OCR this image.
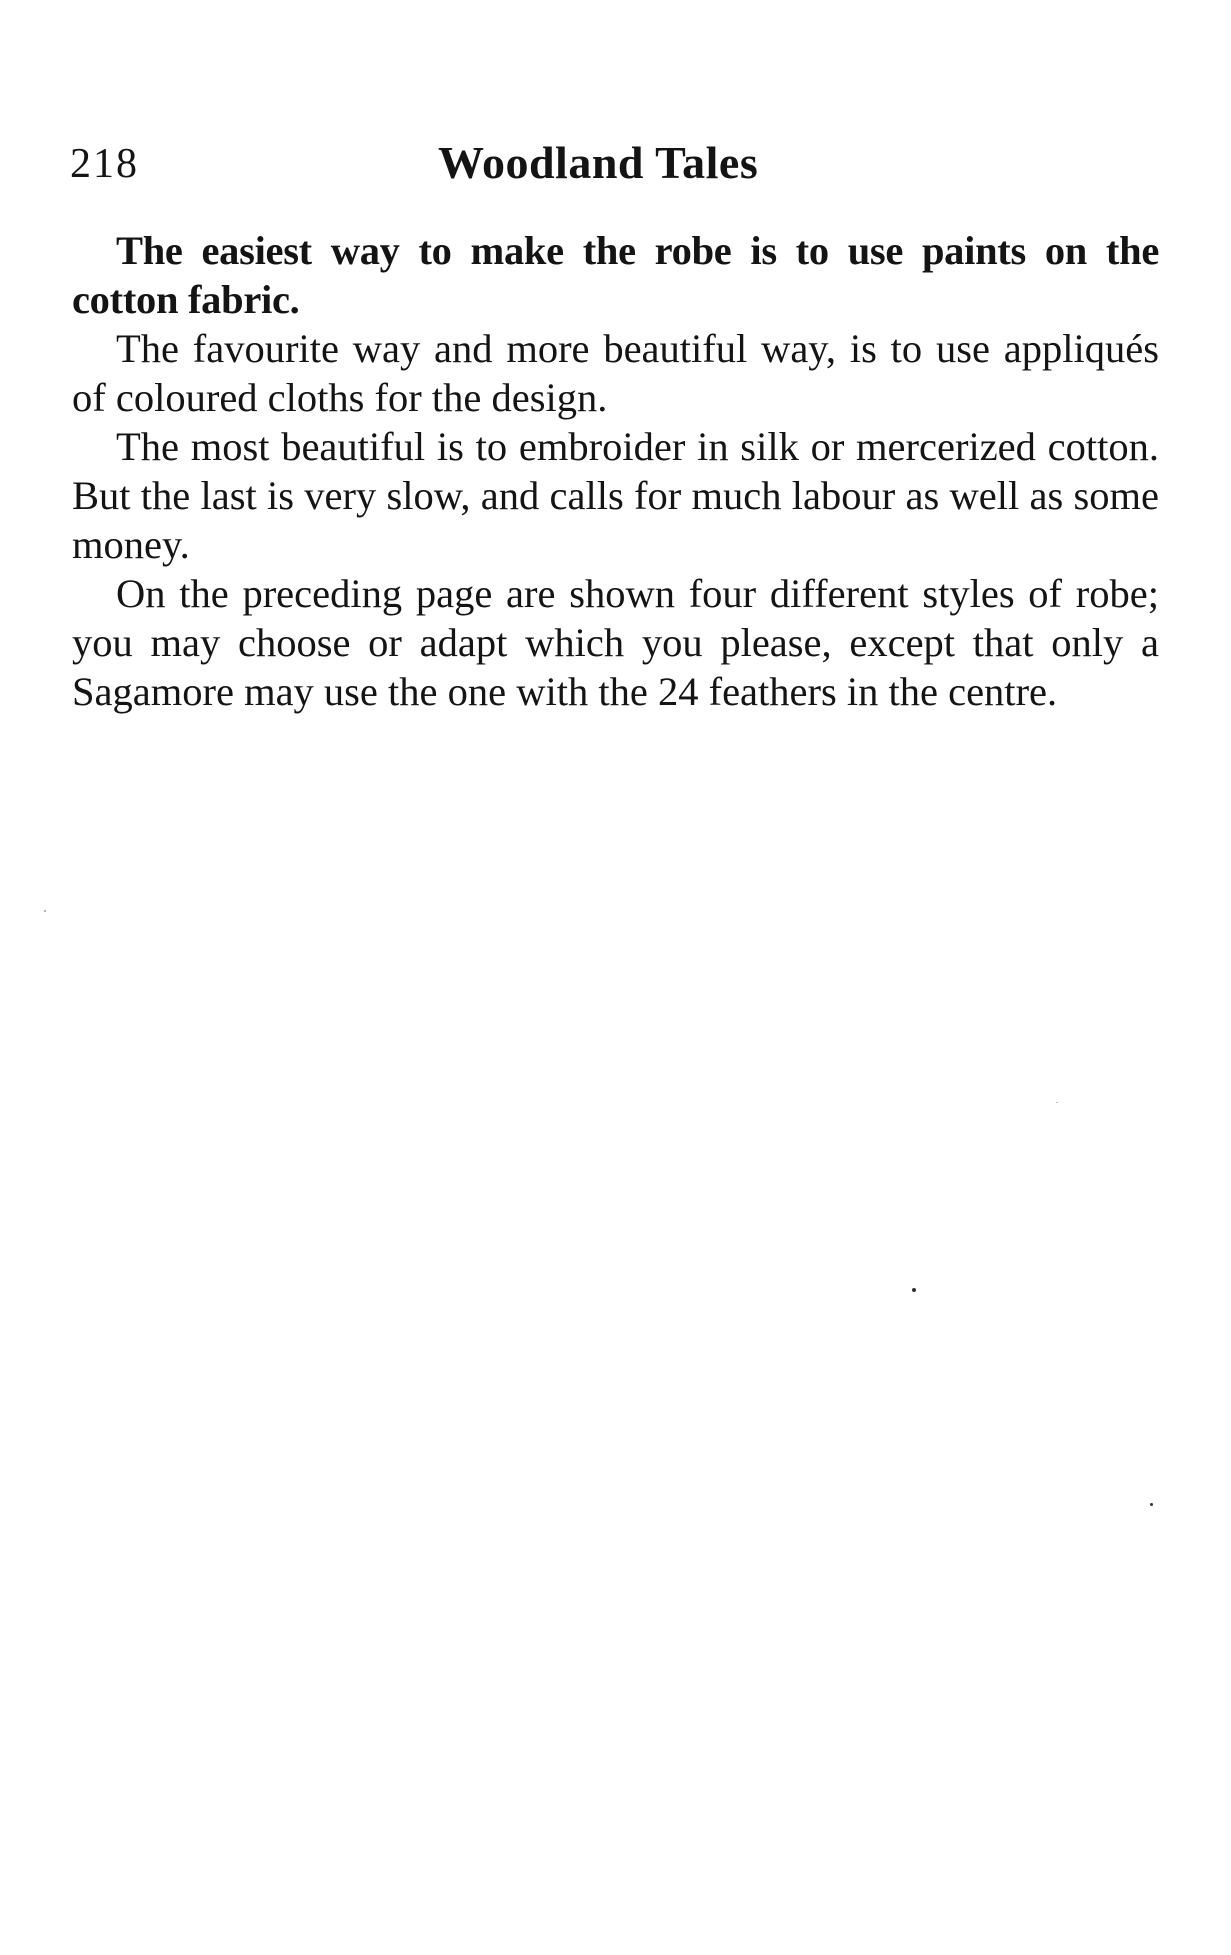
218	Woodland Tales

The easiest way to make the robe is to use paints on the cotton fabric.

The favourite way and more beautiful way, is to use appliqués of coloured cloths for the design.

The most beautiful is to embroider in silk or mercerized cotton. But the last is very slow, and calls for much labour as well as some money.

On the preceding page are shown four different styles of robe; you may choose or adapt which you please, except that only a Sagamore may use the one with the 24 feathers in the centre.
